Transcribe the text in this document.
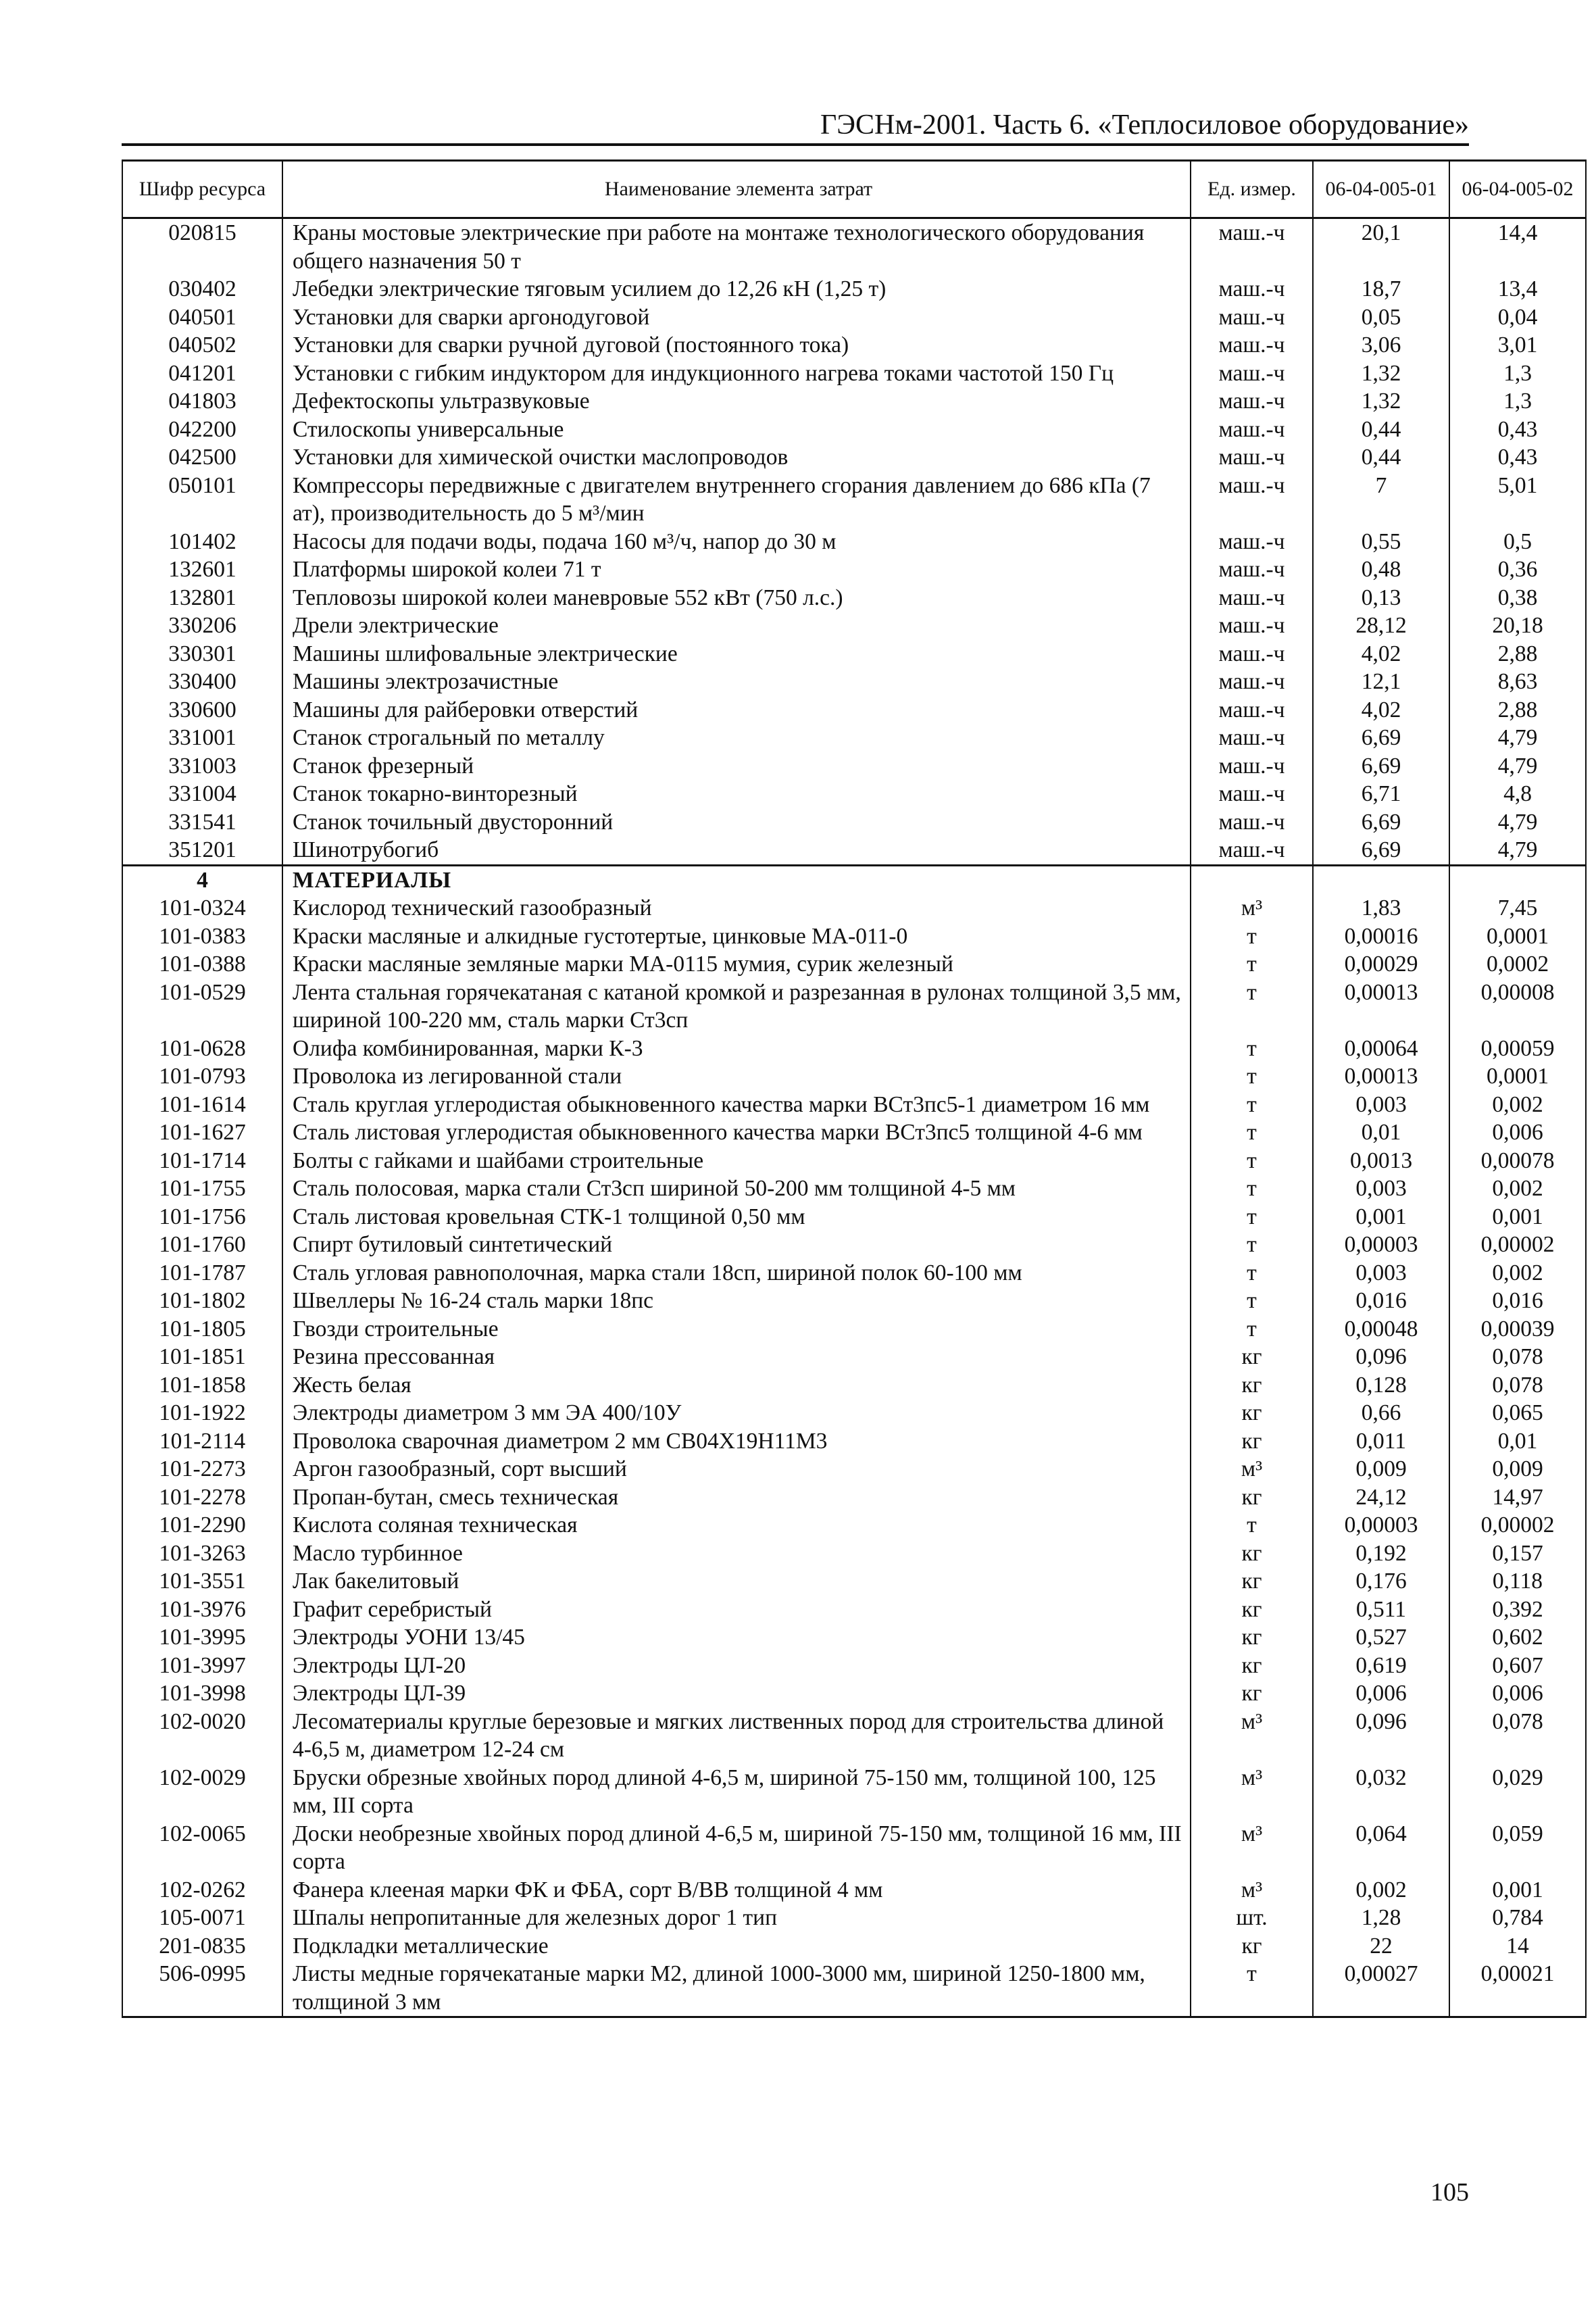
ГЭСНм-2001. Часть 6. «Теплосиловое оборудование»
Шифр ресурса	Наименование элемента затрат	Ед. измер.	06-04-005-01	06-04-005-02
020815	Краны мостовые электрические при работе на монтаже технологического оборудования общего назначения 50 т	маш.-ч	20,1	14,4
030402	Лебедки электрические тяговым усилием до 12,26 кН (1,25 т)	маш.-ч	18,7	13,4
040501	Установки для сварки аргонодуговой	маш.-ч	0,05	0,04
040502	Установки для сварки ручной дуговой (постоянного тока)	маш.-ч	3,06	3,01
041201	Установки с гибким индуктором для индукционного нагрева токами частотой 150 Гц	маш.-ч	1,32	1,3
041803	Дефектоскопы ультразвуковые	маш.-ч	1,32	1,3
042200	Стилоскопы универсальные	маш.-ч	0,44	0,43
042500	Установки для химической очистки маслопроводов	маш.-ч	0,44	0,43
050101	Компрессоры передвижные с двигателем внутреннего сгорания давлением до 686 кПа (7 ат), производительность до 5 м³/мин	маш.-ч	7	5,01
101402	Насосы для подачи воды, подача 160 м³/ч, напор до 30 м	маш.-ч	0,55	0,5
132601	Платформы широкой колеи 71 т	маш.-ч	0,48	0,36
132801	Тепловозы широкой колеи маневровые 552 кВт (750 л.с.)	маш.-ч	0,13	0,38
330206	Дрели электрические	маш.-ч	28,12	20,18
330301	Машины шлифовальные электрические	маш.-ч	4,02	2,88
330400	Машины электрозачистные	маш.-ч	12,1	8,63
330600	Машины для райберовки отверстий	маш.-ч	4,02	2,88
331001	Станок строгальный по металлу	маш.-ч	6,69	4,79
331003	Станок фрезерный	маш.-ч	6,69	4,79
331004	Станок токарно-винторезный	маш.-ч	6,71	4,8
331541	Станок точильный двусторонний	маш.-ч	6,69	4,79
351201	Шинотрубогиб	маш.-ч	6,69	4,79
4	МАТЕРИАЛЫ			
101-0324	Кислород технический газообразный	м³	1,83	7,45
101-0383	Краски масляные и алкидные густотертые, цинковые МА-011-0	т	0,00016	0,0001
101-0388	Краски масляные земляные марки МА-0115 мумия, сурик железный	т	0,00029	0,0002
101-0529	Лента стальная горячекатаная с катаной кромкой и разрезанная в рулонах толщиной 3,5 мм, шириной 100-220 мм, сталь марки Ст3сп	т	0,00013	0,00008
101-0628	Олифа комбинированная, марки К-3	т	0,00064	0,00059
101-0793	Проволока из легированной стали	т	0,00013	0,0001
101-1614	Сталь круглая углеродистая обыкновенного качества марки ВСт3пс5-1 диаметром 16 мм	т	0,003	0,002
101-1627	Сталь листовая углеродистая обыкновенного качества марки ВСт3пс5 толщиной 4-6 мм	т	0,01	0,006
101-1714	Болты с гайками и шайбами строительные	т	0,0013	0,00078
101-1755	Сталь полосовая, марка стали Ст3сп шириной 50-200 мм толщиной 4-5 мм	т	0,003	0,002
101-1756	Сталь листовая кровельная СТК-1 толщиной 0,50 мм	т	0,001	0,001
101-1760	Спирт бутиловый синтетический	т	0,00003	0,00002
101-1787	Сталь угловая равнополочная, марка стали 18сп, шириной полок 60-100 мм	т	0,003	0,002
101-1802	Швеллеры № 16-24 сталь марки 18пс	т	0,016	0,016
101-1805	Гвозди строительные	т	0,00048	0,00039
101-1851	Резина прессованная	кг	0,096	0,078
101-1858	Жесть белая	кг	0,128	0,078
101-1922	Электроды диаметром 3 мм ЭА 400/10У	кг	0,66	0,065
101-2114	Проволока сварочная диаметром 2 мм СВ04Х19Н11М3	кг	0,011	0,01
101-2273	Аргон газообразный, сорт высший	м³	0,009	0,009
101-2278	Пропан-бутан, смесь техническая	кг	24,12	14,97
101-2290	Кислота соляная техническая	т	0,00003	0,00002
101-3263	Масло турбинное	кг	0,192	0,157
101-3551	Лак бакелитовый	кг	0,176	0,118
101-3976	Графит серебристый	кг	0,511	0,392
101-3995	Электроды УОНИ 13/45	кг	0,527	0,602
101-3997	Электроды ЦЛ-20	кг	0,619	0,607
101-3998	Электроды ЦЛ-39	кг	0,006	0,006
102-0020	Лесоматериалы круглые березовые и мягких лиственных пород для строительства длиной 4-6,5 м, диаметром 12-24 см	м³	0,096	0,078
102-0029	Бруски обрезные хвойных пород длиной 4-6,5 м, шириной 75-150 мм, толщиной 100, 125 мм, III сорта	м³	0,032	0,029
102-0065	Доски необрезные хвойных пород длиной 4-6,5 м, шириной 75-150 мм, толщиной 16 мм, III сорта	м³	0,064	0,059
102-0262	Фанера клееная марки ФК и ФБА, сорт В/ВВ толщиной 4 мм	м³	0,002	0,001
105-0071	Шпалы непропитанные для железных дорог 1 тип	шт.	1,28	0,784
201-0835	Подкладки металлические	кг	22	14
506-0995	Листы медные горячекатаные марки М2, длиной 1000-3000 мм, шириной 1250-1800 мм, толщиной 3 мм	т	0,00027	0,00021
105
